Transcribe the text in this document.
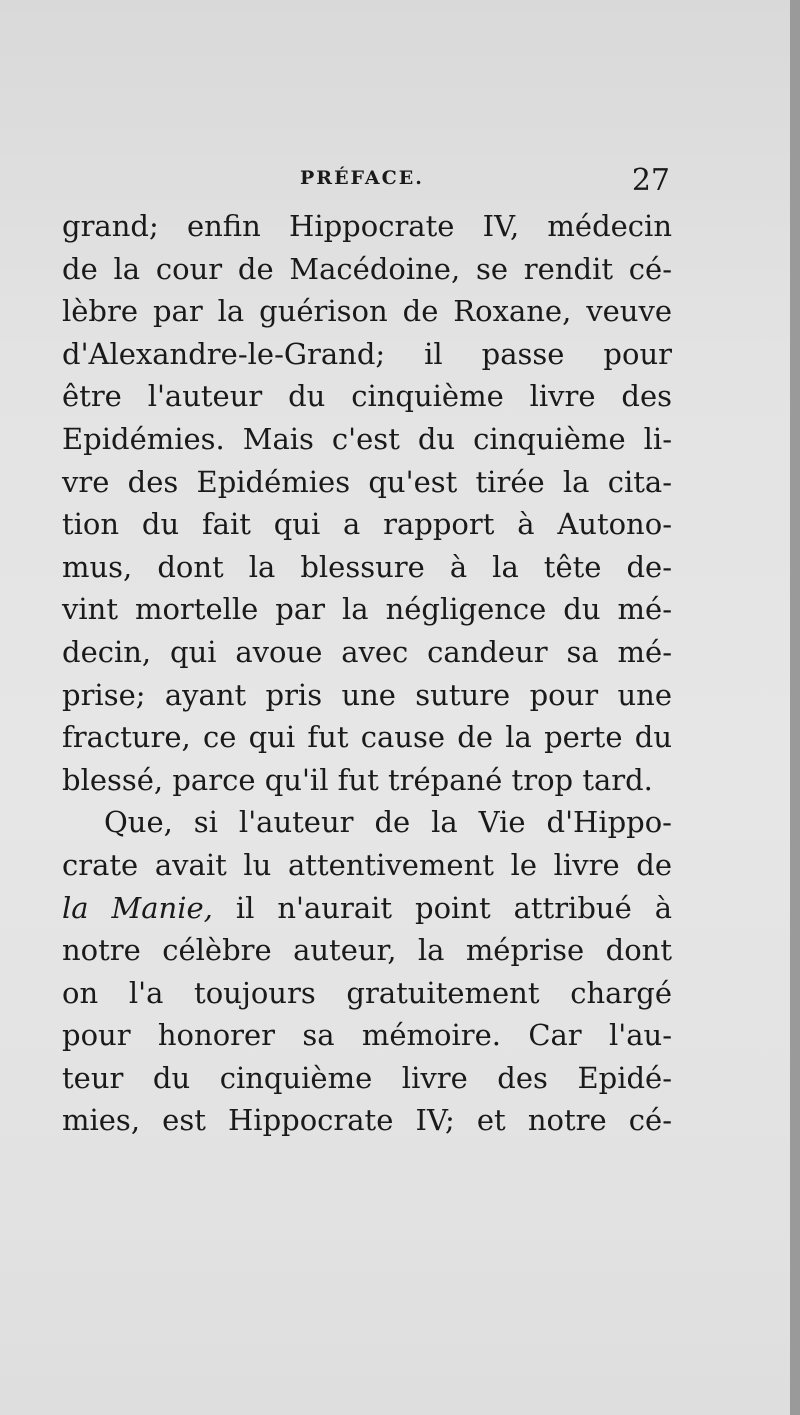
PRÉFACE.	27
grand; enfin Hippocrate IV, médecin
de la cour de Macédoine, se rendit cé-
lèbre par la guérison de Roxane, veuve
d'Alexandre-le-Grand; il passe pour
être l'auteur du cinquième livre des
Epidémies. Mais c'est du cinquième li-
vre des Epidémies qu'est tirée la cita-
tion du fait qui a rapport à Autono-
mus, dont la blessure à la tête de-
vint mortelle par la négligence du mé-
decin, qui avoue avec candeur sa mé-
prise; ayant pris une suture pour une
fracture, ce qui fut cause de la perte du
blessé, parce qu'il fut trépané trop tard.
Que, si l'auteur de la Vie d'Hippo-
crate avait lu attentivement le livre de
la Manie, il n'aurait point attribué à
notre célèbre auteur, la méprise dont
on l'a toujours gratuitement chargé
pour honorer sa mémoire. Car l'au-
teur du cinquième livre des Epidé-
mies, est Hippocrate IV; et notre cé-
